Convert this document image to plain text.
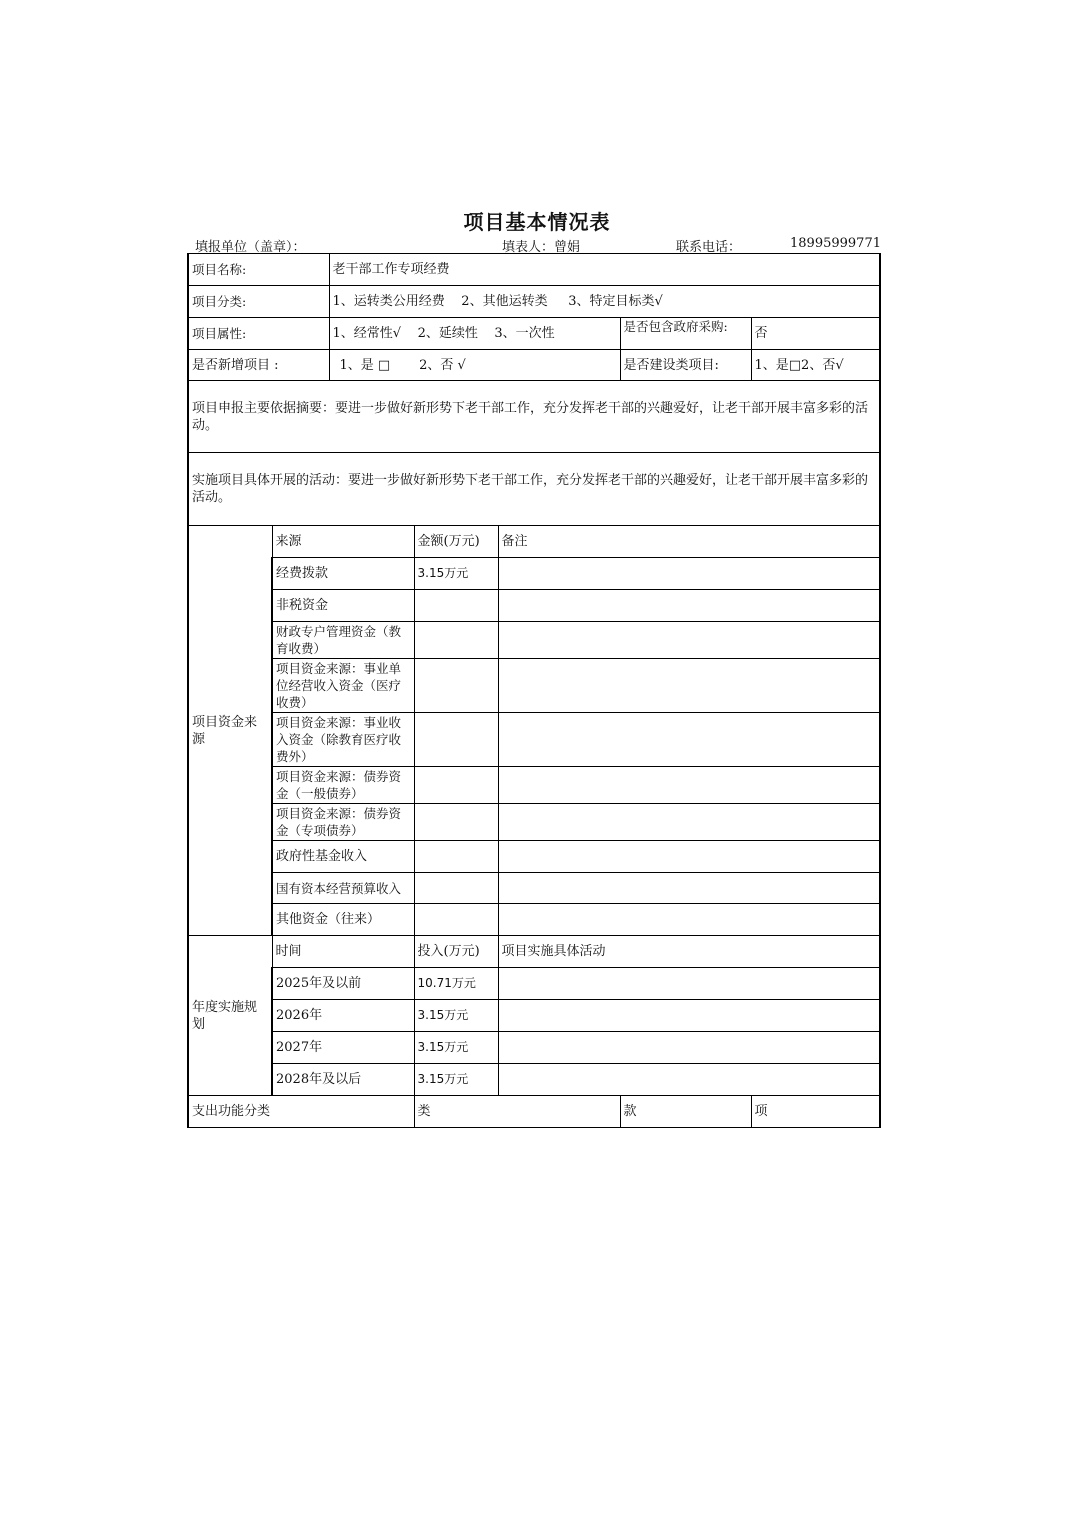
项目基本情况表
填报单位（盖章）：	填表人：曾娟	联系电话：	18995999771
项目名称:		老干部工作专项经费				
项目分类:		1、运转类公用经费    2、其他运转类     3、特定目标类√				
项目属性:		1、经常性√    2、延续性    3、一次性			是否包含政府采购:	否
是否新增项目 :		1、是 □       2、否 √			是否建设类项目:	1、是□2、否√
项目申报主要依据摘要：要进一步做好新形势下老干部工作，充分发挥老干部的兴趣爱好，让老干部开展丰富多彩的活动。						
实施项目具体开展的活动：要进一步做好新形势下老干部工作，充分发挥老干部的兴趣爱好，让老干部开展丰富多彩的活动。						
项目资金来源	来源		金额(万元)	备注		
	经费拨款		3.15万元			
	非税资金					
	财政专户管理资金（教育收费）					
	项目资金来源：事业单位经营收入资金（医疗收费）					
	项目资金来源：事业收入资金（除教育医疗收费外）					
	项目资金来源：债券资金（一般债券）					
	项目资金来源：债券资金（专项债券）					
	政府性基金收入					
	国有资本经营预算收入					
	其他资金（往来）					
年度实施规划	时间		投入(万元)	项目实施具体活动		
	2025年及以前		10.71万元			
	2026年		3.15万元			
	2027年		3.15万元			
	2028年及以后		3.15万元			
支出功能分类			类		款	项
